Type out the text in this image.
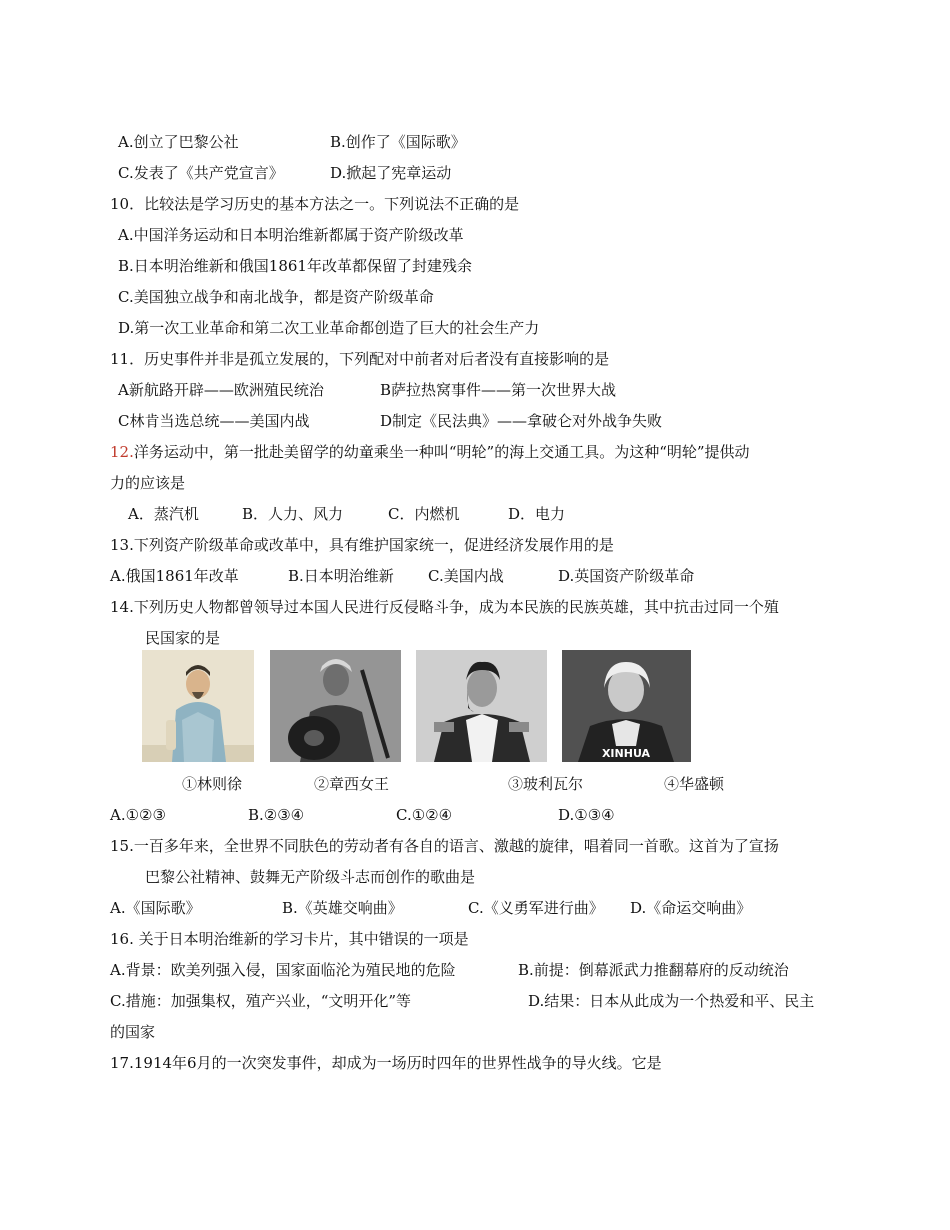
A.创立了巴黎公社	B.创作了《国际歌》
C.发表了《共产党宣言》	D.掀起了宪章运动
10．比较法是学习历史的基本方法之一。下列说法不正确的是
A.中国洋务运动和日本明治维新都属于资产阶级改革
B.日本明治维新和俄国1861年改革都保留了封建残余
C.美国独立战争和南北战争，都是资产阶级革命
D.第一次工业革命和第二次工业革命都创造了巨大的社会生产力
11．历史事件并非是孤立发展的，下列配对中前者对后者没有直接影响的是
A新航路开辟——欧洲殖民统治	B萨拉热窝事件——第一次世界大战
C林肯当选总统——美国内战	D制定《民法典》——拿破仑对外战争失败
12.洋务运动中，第一批赴美留学的幼童乘坐一种叫“明轮”的海上交通工具。为这种“明轮”提供动
力的应该是
A．蒸汽机	B．人力、风力	C．内燃机	D．电力
13.下列资产阶级革命或改革中，具有维护国家统一，促进经济发展作用的是
A.俄国1861年改革	B.日本明治维新 C.美国内战	D.英国资产阶级革命
14.下列历史人物都曾领导过本国人民进行反侵略斗争，成为本民族的民族英雄，其中抗击过同一个殖
民国家的是
XINHUA
①林则徐	②章西女王	③玻利瓦尔	④华盛顿
A.①②③	B.②③④	C.①②④	D.①③④
15.一百多年来，全世界不同肤色的劳动者有各自的语言、激越的旋律，唱着同一首歌。这首为了宣扬
巴黎公社精神、鼓舞无产阶级斗志而创作的歌曲是
A.《国际歌》	B.《英雄交响曲》	C.《义勇军进行曲》 D.《命运交响曲》
16. 关于日本明治维新的学习卡片，其中错误的一项是
A.背景：欧美列强入侵，国家面临沦为殖民地的危险	B.前提：倒幕派武力推翻幕府的反动统治
C.措施：加强集权，殖产兴业，“文明开化”等	D.结果：日本从此成为一个热爱和平、民主
的国家
17.1914年6月的一次突发事件，却成为一场历时四年的世界性战争的导火线。它是
